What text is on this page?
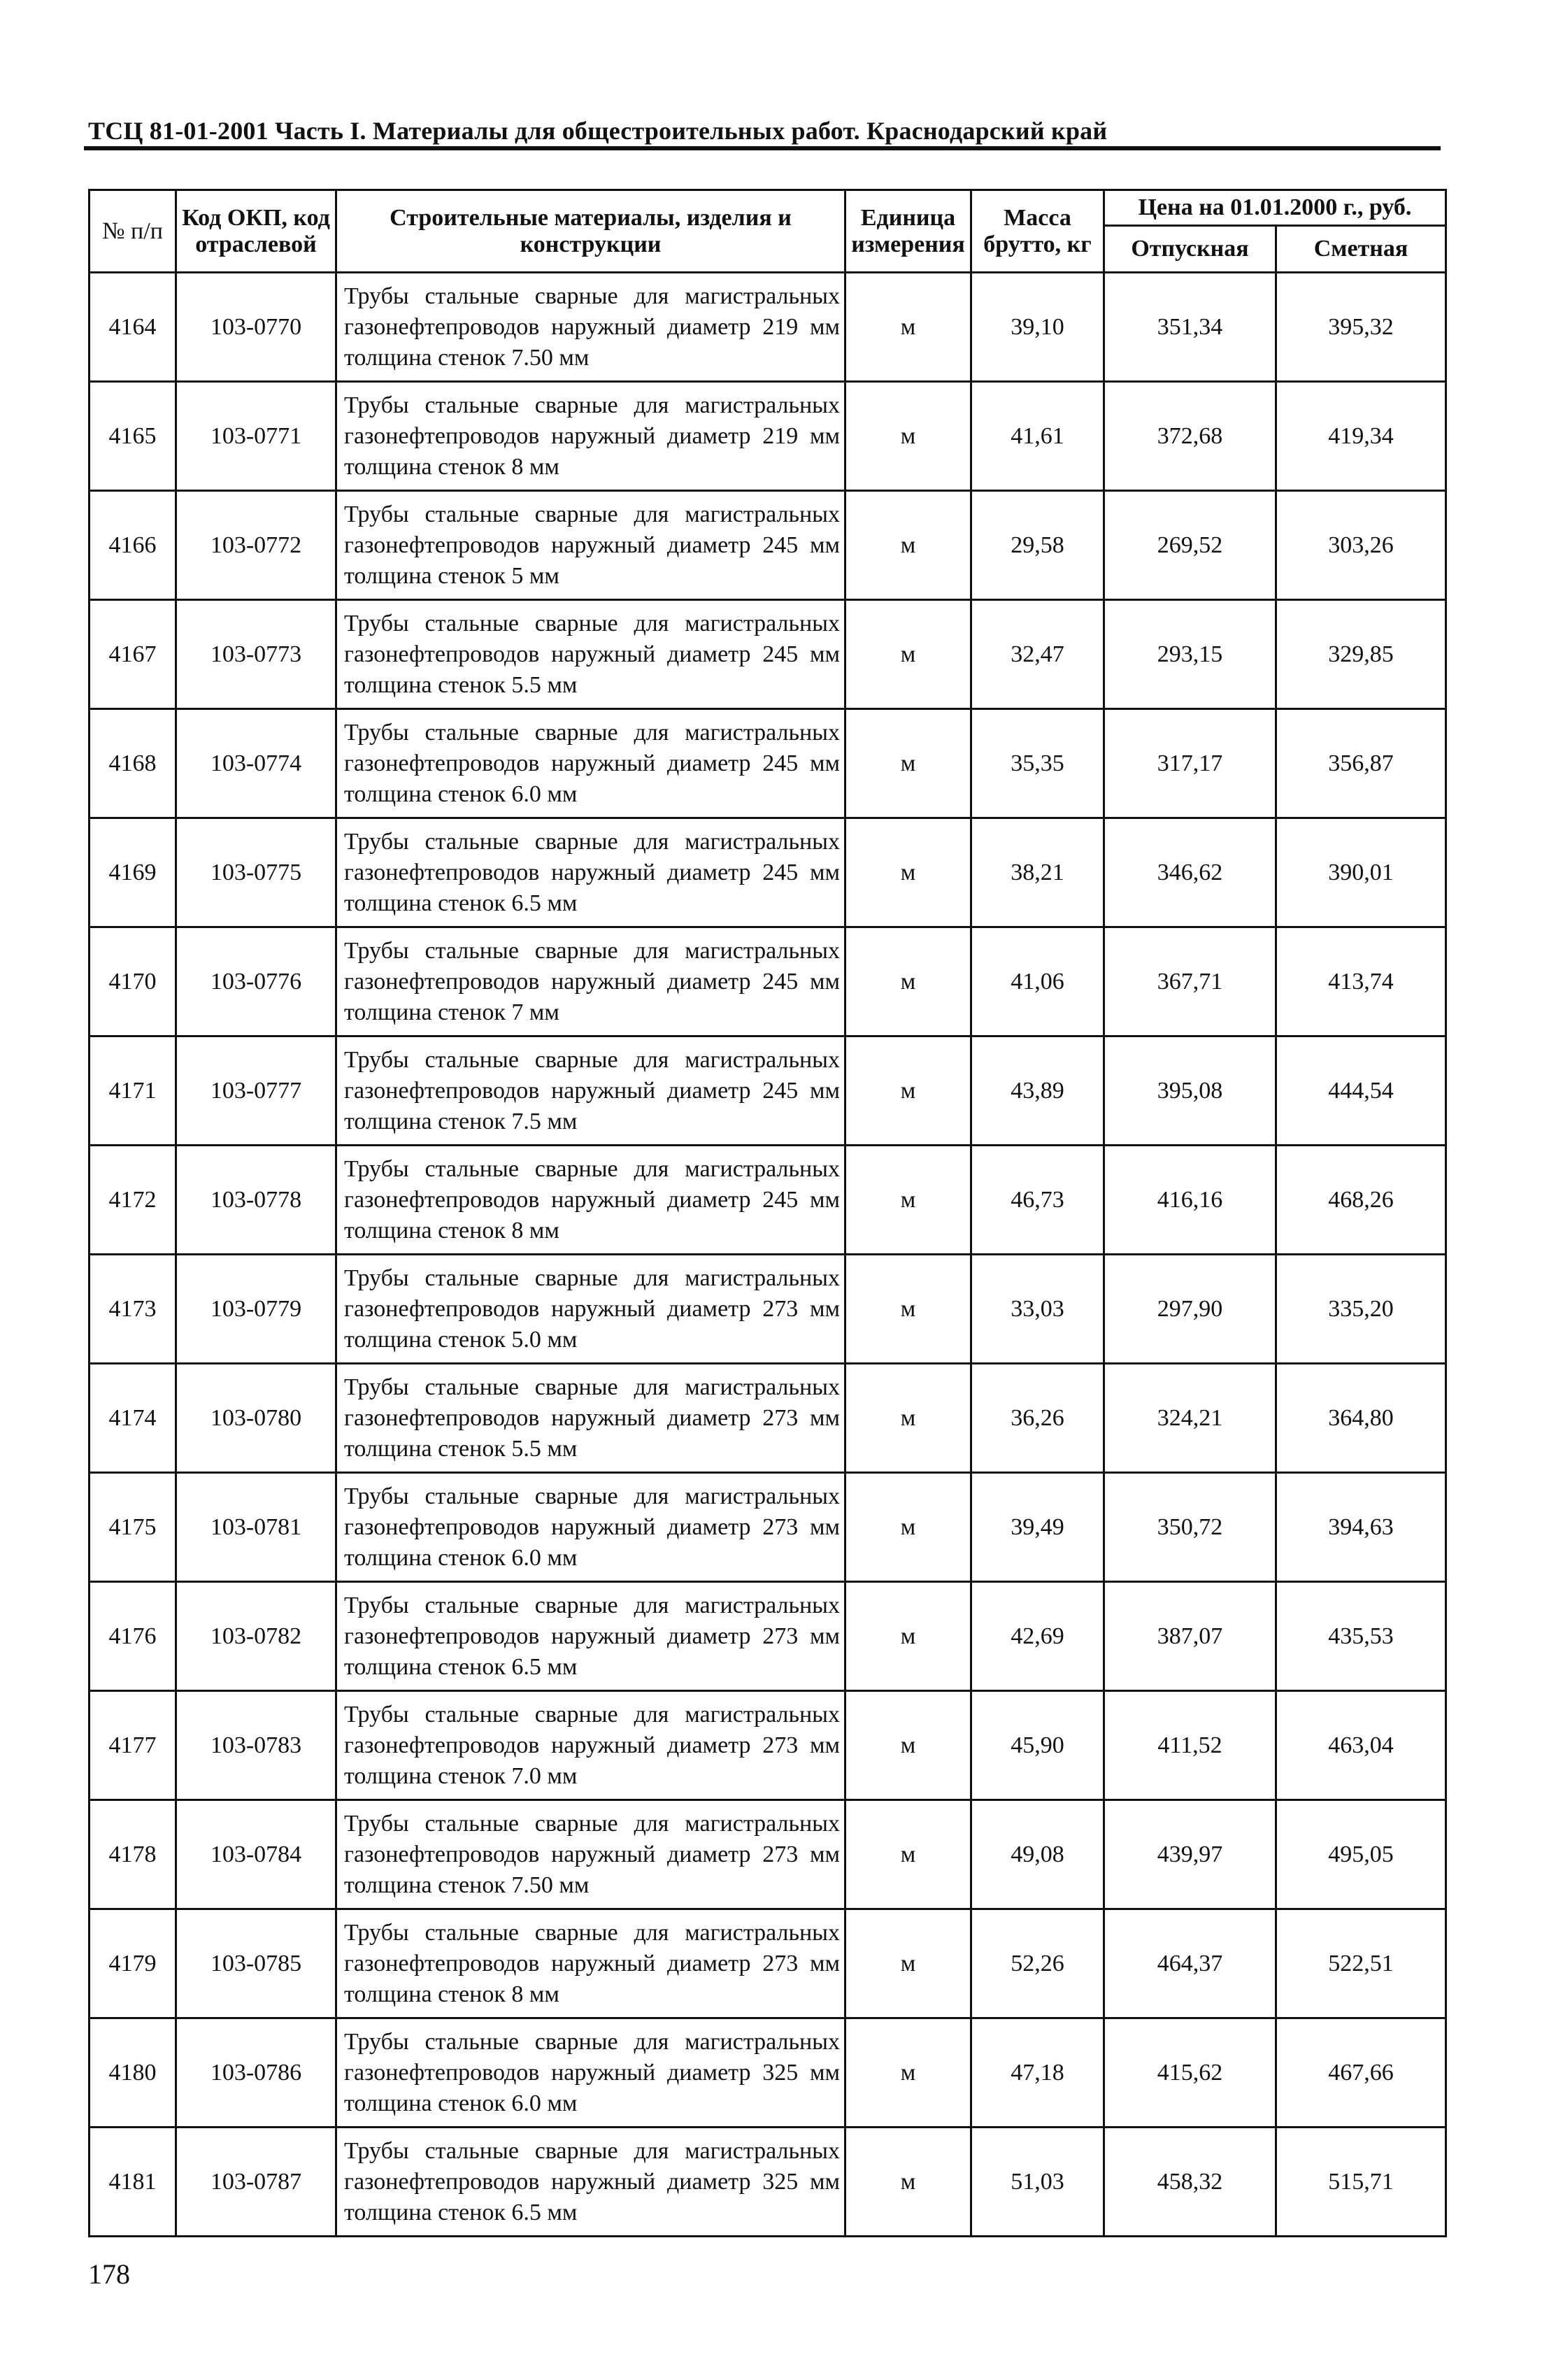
ТСЦ 81-01-2001 Часть I. Материалы для общестроительных работ. Краснодарский край
№ п/п	Код ОКП, код отраслевой	Строительные материалы, изделия и конструкции	Единица измерения	Масса брутто, кг	Цена на 01.01.2000 г., руб.	
					Отпускная	Сметная
4164	103-0770	Трубы стальные сварные для магистральных газонефтепроводов наружный диаметр 219 мм толщина стенок 7.50 мм	м	39,10	351,34	395,32
4165	103-0771	Трубы стальные сварные для магистральных газонефтепроводов наружный диаметр 219 мм толщина стенок 8 мм	м	41,61	372,68	419,34
4166	103-0772	Трубы стальные сварные для магистральных газонефтепроводов наружный диаметр 245 мм толщина стенок 5 мм	м	29,58	269,52	303,26
4167	103-0773	Трубы стальные сварные для магистральных газонефтепроводов наружный диаметр 245 мм толщина стенок 5.5 мм	м	32,47	293,15	329,85
4168	103-0774	Трубы стальные сварные для магистральных газонефтепроводов наружный диаметр 245 мм толщина стенок 6.0 мм	м	35,35	317,17	356,87
4169	103-0775	Трубы стальные сварные для магистральных газонефтепроводов наружный диаметр 245 мм толщина стенок 6.5 мм	м	38,21	346,62	390,01
4170	103-0776	Трубы стальные сварные для магистральных газонефтепроводов наружный диаметр 245 мм толщина стенок 7 мм	м	41,06	367,71	413,74
4171	103-0777	Трубы стальные сварные для магистральных газонефтепроводов наружный диаметр 245 мм толщина стенок 7.5 мм	м	43,89	395,08	444,54
4172	103-0778	Трубы стальные сварные для магистральных газонефтепроводов наружный диаметр 245 мм толщина стенок 8 мм	м	46,73	416,16	468,26
4173	103-0779	Трубы стальные сварные для магистральных газонефтепроводов наружный диаметр 273 мм толщина стенок 5.0 мм	м	33,03	297,90	335,20
4174	103-0780	Трубы стальные сварные для магистральных газонефтепроводов наружный диаметр 273 мм толщина стенок 5.5 мм	м	36,26	324,21	364,80
4175	103-0781	Трубы стальные сварные для магистральных газонефтепроводов наружный диаметр 273 мм толщина стенок 6.0 мм	м	39,49	350,72	394,63
4176	103-0782	Трубы стальные сварные для магистральных газонефтепроводов наружный диаметр 273 мм толщина стенок 6.5 мм	м	42,69	387,07	435,53
4177	103-0783	Трубы стальные сварные для магистральных газонефтепроводов наружный диаметр 273 мм толщина стенок 7.0 мм	м	45,90	411,52	463,04
4178	103-0784	Трубы стальные сварные для магистральных газонефтепроводов наружный диаметр 273 мм толщина стенок 7.50 мм	м	49,08	439,97	495,05
4179	103-0785	Трубы стальные сварные для магистральных газонефтепроводов наружный диаметр 273 мм толщина стенок 8 мм	м	52,26	464,37	522,51
4180	103-0786	Трубы стальные сварные для магистральных газонефтепроводов наружный диаметр 325 мм толщина стенок 6.0 мм	м	47,18	415,62	467,66
4181	103-0787	Трубы стальные сварные для магистральных газонефтепроводов наружный диаметр 325 мм толщина стенок 6.5 мм	м	51,03	458,32	515,71
178
